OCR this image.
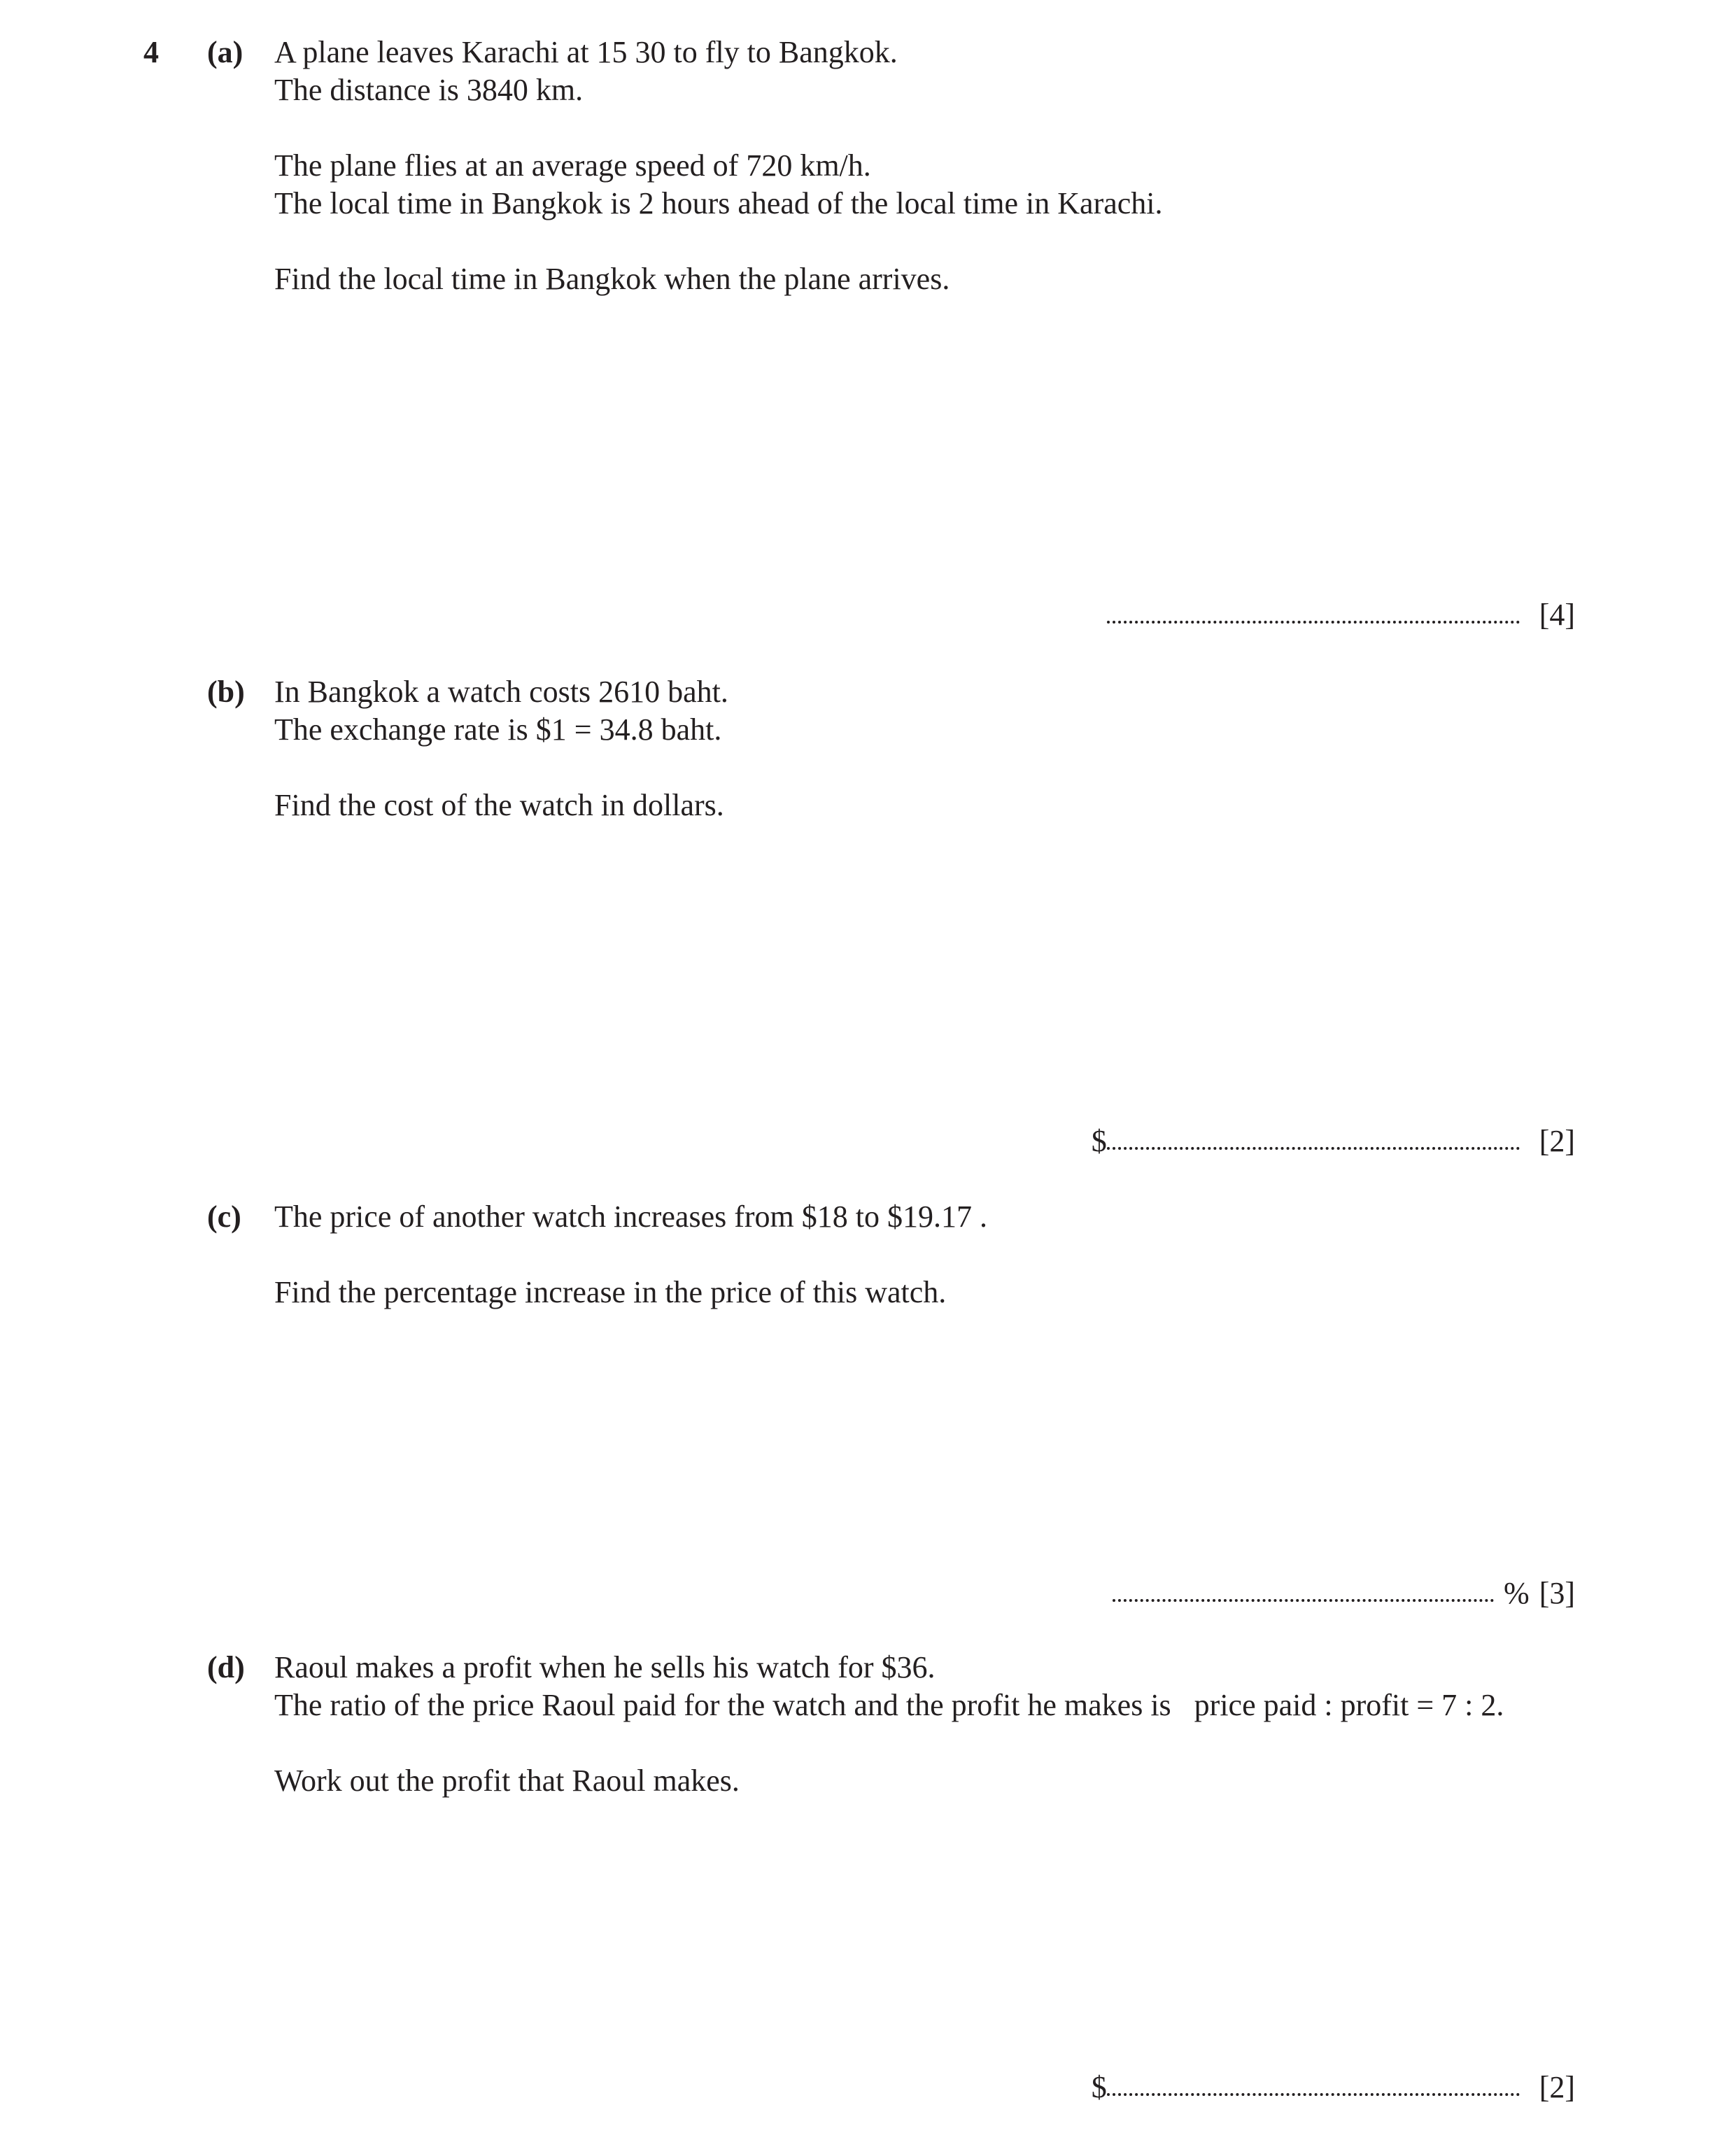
4 (a) A plane leaves Karachi at 15 30 to fly to Bangkok.
The distance is 3840 km.
The plane flies at an average speed of 720 km/h.
The local time in Bangkok is 2 hours ahead of the local time in Karachi.
Find the local time in Bangkok when the plane arrives.
[4]
(b) In Bangkok a watch costs 2610 baht.
The exchange rate is $1 = 34.8 baht.
Find the cost of the watch in dollars.
$	[2]
(c) The price of another watch increases from $18 to $19.17 .
Find the percentage increase in the price of this watch.
% [3]
(d) Raoul makes a profit when he sells his watch for $36.
The ratio of the price Raoul paid for the watch and the profit he makes is   price paid : profit = 7 : 2.
Work out the profit that Raoul makes.
$	[2]
